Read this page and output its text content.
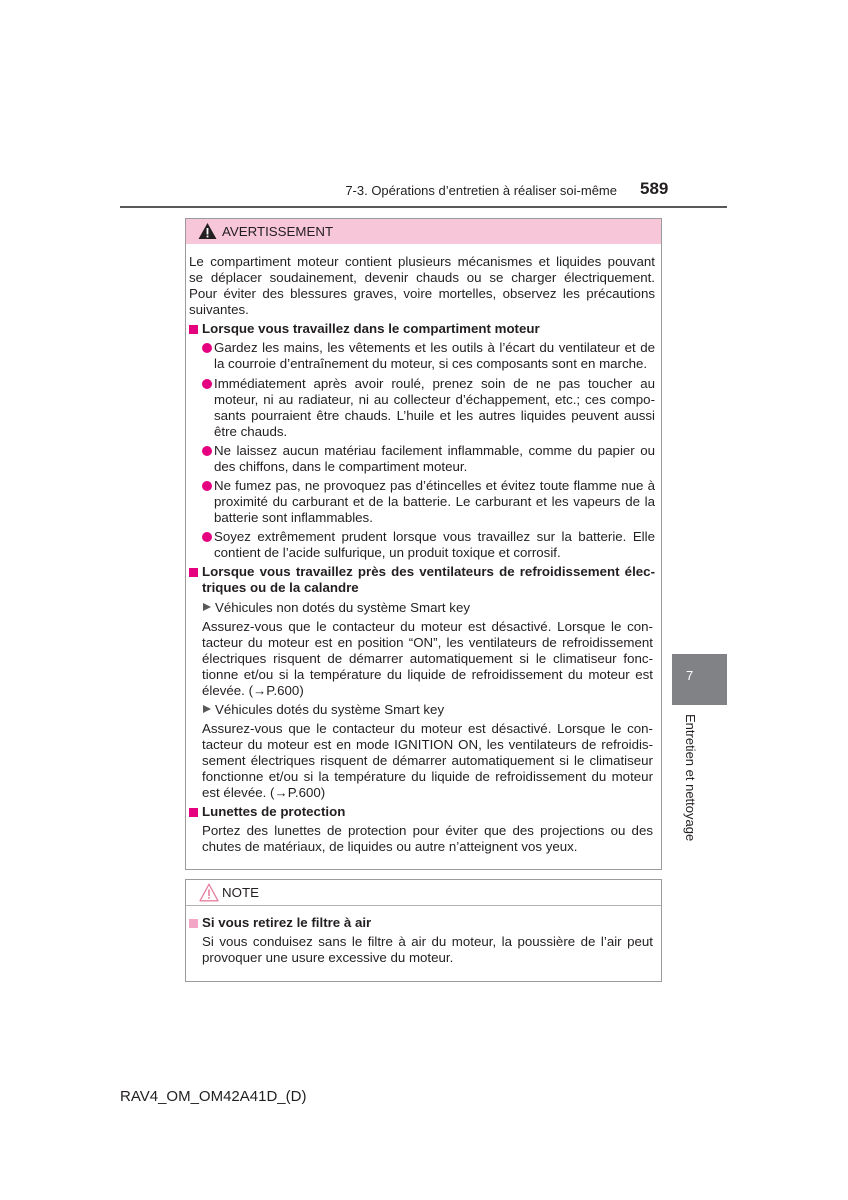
7-3. Opérations d’entretien à réaliser soi-même 589
7
Entretien et nettoyage
AVERTISSEMENT
Le compartiment moteur contient plusieurs mécanismes et liquides pouvant
se déplacer soudainement, devenir chauds ou se charger électriquement.
Pour éviter des blessures graves, voire mortelles, observez les précautions
suivantes.
Lorsque vous travaillez dans le compartiment moteur
Gardez les mains, les vêtements et les outils à l’écart du ventilateur et de
la courroie d’entraînement du moteur, si ces composants sont en marche.
Immédiatement après avoir roulé, prenez soin de ne pas toucher au
moteur, ni au radiateur, ni au collecteur d’échappement, etc.; ces compo-
sants pourraient être chauds. L’huile et les autres liquides peuvent aussi
être chauds.
Ne laissez aucun matériau facilement inflammable, comme du papier ou
des chiffons, dans le compartiment moteur.
Ne fumez pas, ne provoquez pas d’étincelles et évitez toute flamme nue à
proximité du carburant et de la batterie. Le carburant et les vapeurs de la
batterie sont inflammables.
Soyez extrêmement prudent lorsque vous travaillez sur la batterie. Elle
contient de l’acide sulfurique, un produit toxique et corrosif.
Lorsque vous travaillez près des ventilateurs de refroidissement élec-
triques ou de la calandre
Véhicules non dotés du système Smart key
Assurez-vous que le contacteur du moteur est désactivé. Lorsque le con-
tacteur du moteur est en position “ON”, les ventilateurs de refroidissement
électriques risquent de démarrer automatiquement si le climatiseur fonc-
tionne et/ou si la température du liquide de refroidissement du moteur est
élevée. (→P.600)
Véhicules dotés du système Smart key
Assurez-vous que le contacteur du moteur est désactivé. Lorsque le con-
tacteur du moteur est en mode IGNITION ON, les ventilateurs de refroidis-
sement électriques risquent de démarrer automatiquement si le climatiseur
fonctionne et/ou si la température du liquide de refroidissement du moteur
est élevée. (→P.600)
Lunettes de protection
Portez des lunettes de protection pour éviter que des projections ou des
chutes de matériaux, de liquides ou autre n’atteignent vos yeux.
NOTE
Si vous retirez le filtre à air
Si vous conduisez sans le filtre à air du moteur, la poussière de l’air peut
provoquer une usure excessive du moteur.
RAV4_OM_OM42A41D_(D)
